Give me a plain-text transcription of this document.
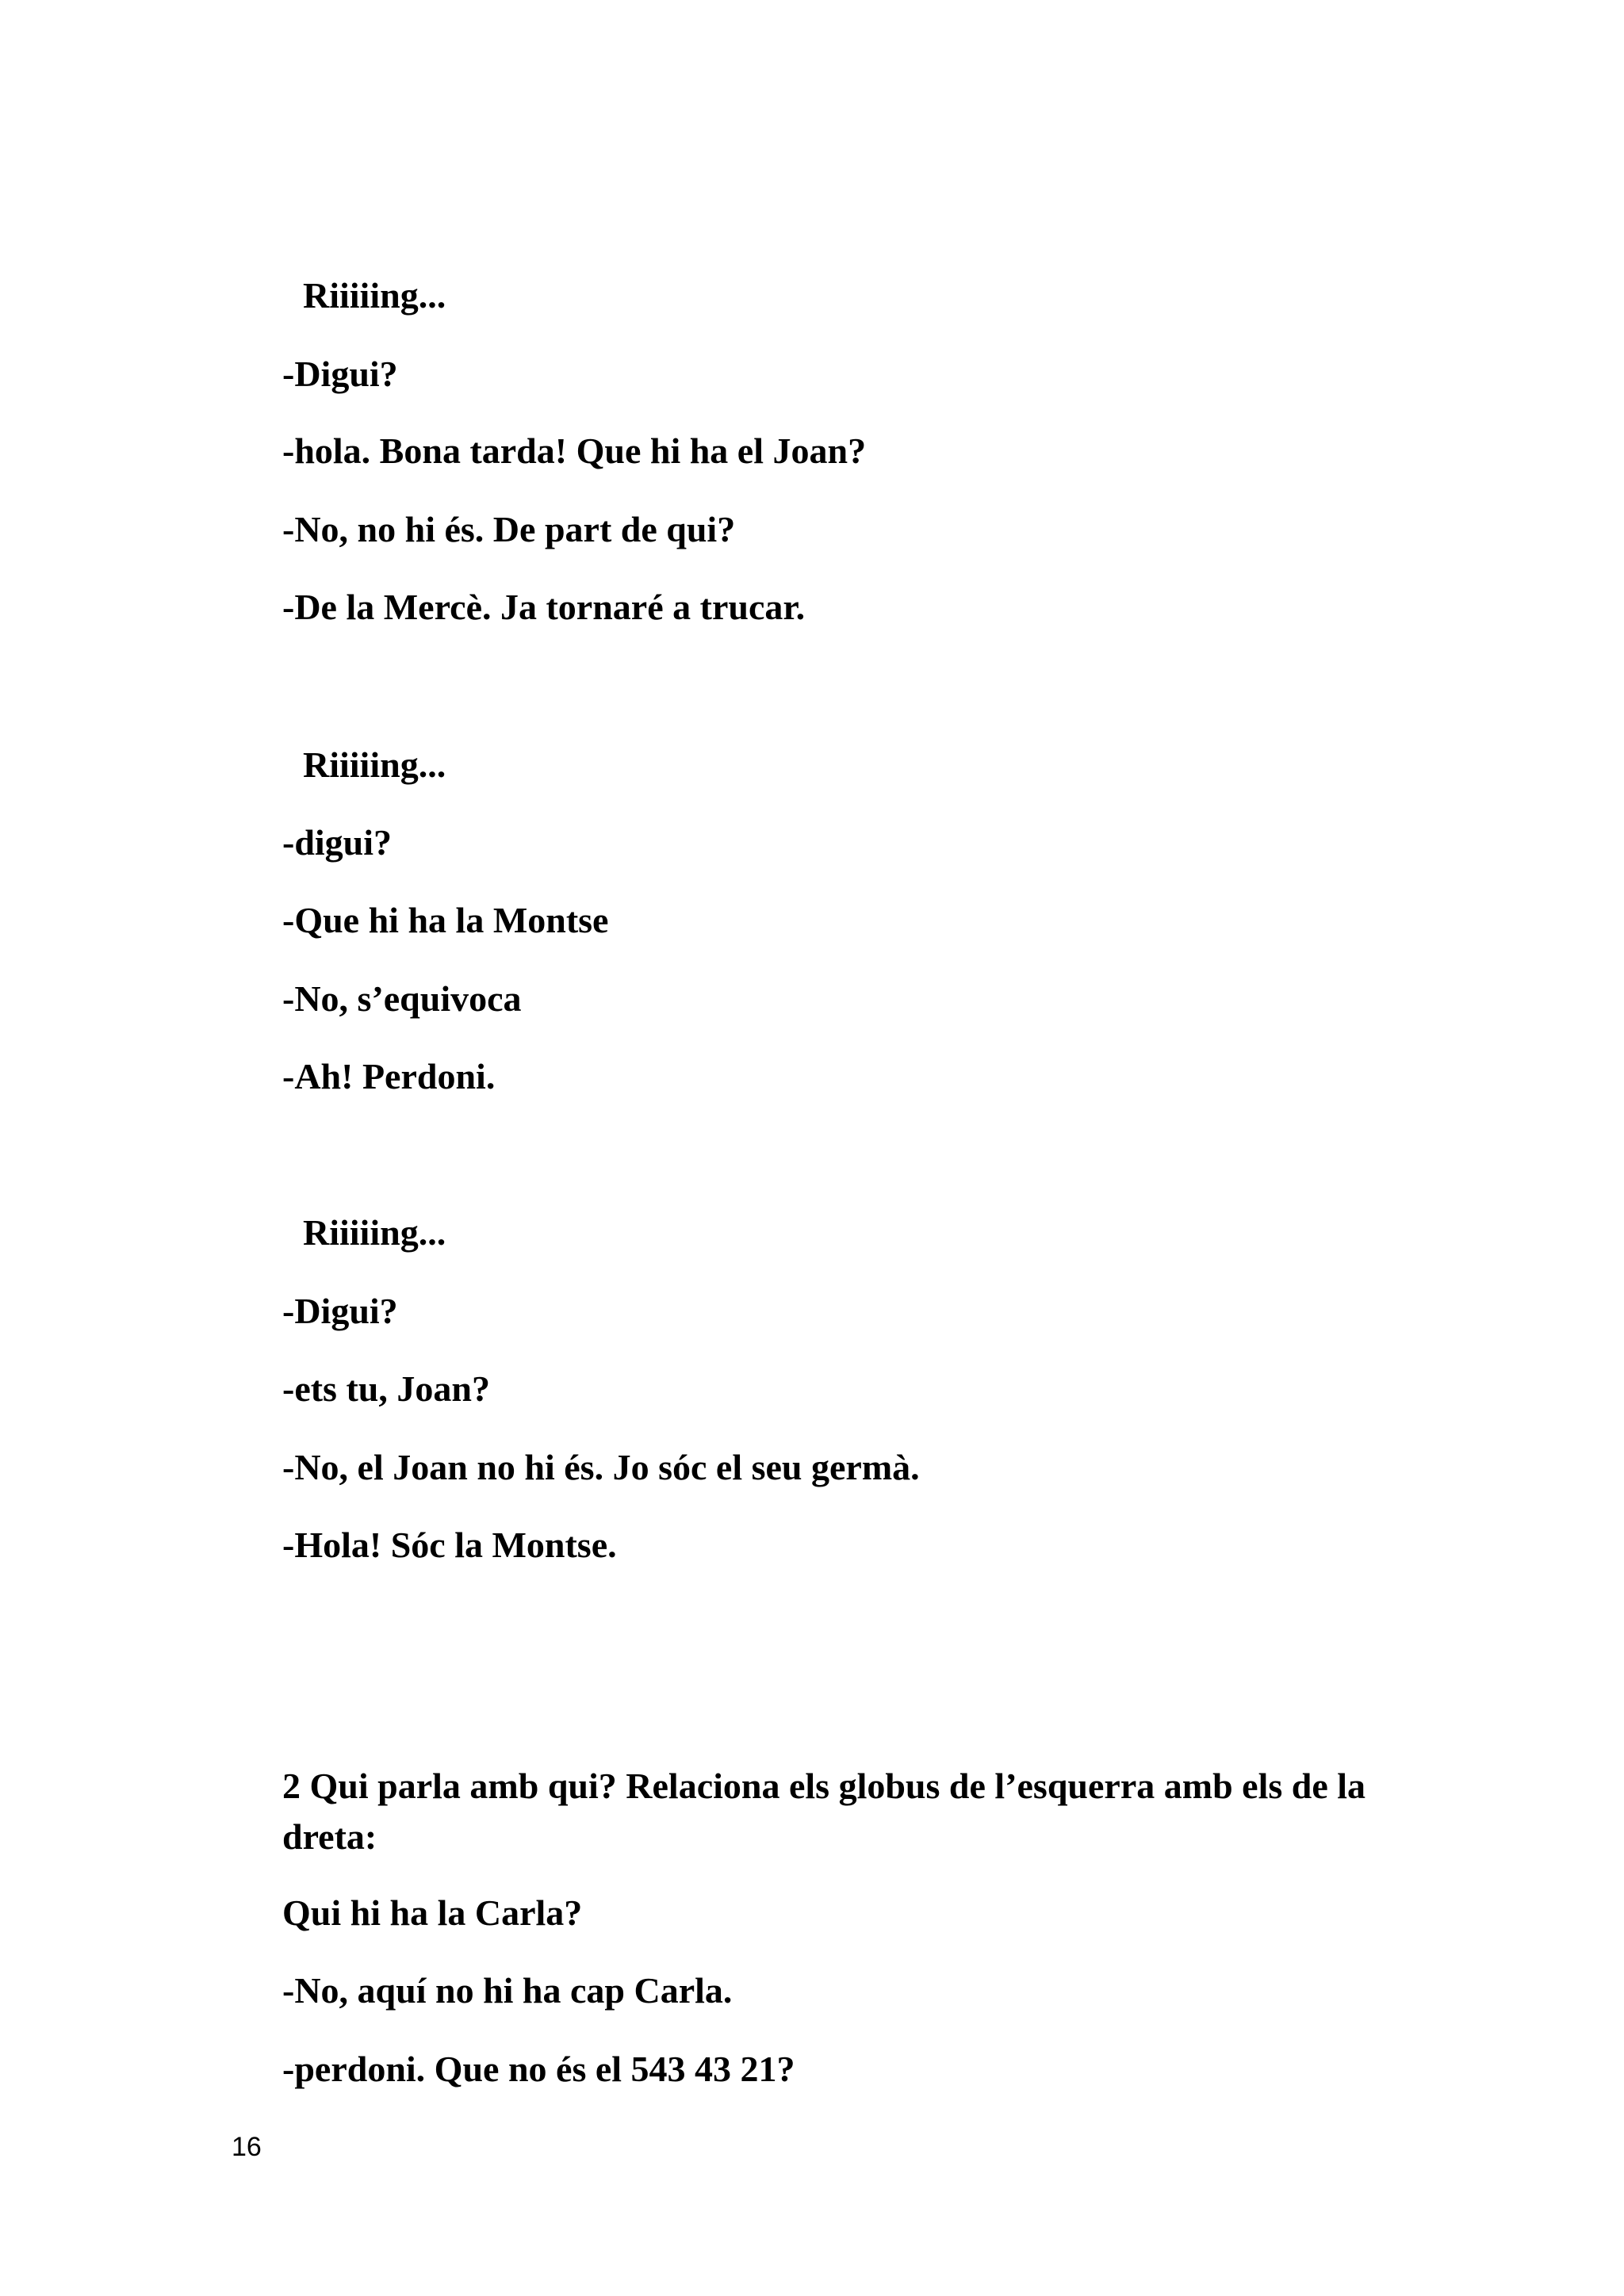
Riiiiing...

-Digui?

-hola. Bona tarda! Que hi ha el Joan?

-No, no hi és. De part de qui?

-De la Mercè. Ja tornaré a trucar.

Riiiiing...

-digui?

-Que hi ha la Montse

-No, s’equivoca

-Ah! Perdoni.

Riiiiing...

-Digui?

-ets tu, Joan?

-No, el Joan no hi és. Jo sóc el seu germà.

-Hola! Sóc la Montse.

2 Qui parla amb qui? Relaciona els globus de l’esquerra amb els de la dreta:

Qui hi ha la Carla?

-No, aquí no hi ha cap Carla.

-perdoni. Que no és el 543 43 21?

16
